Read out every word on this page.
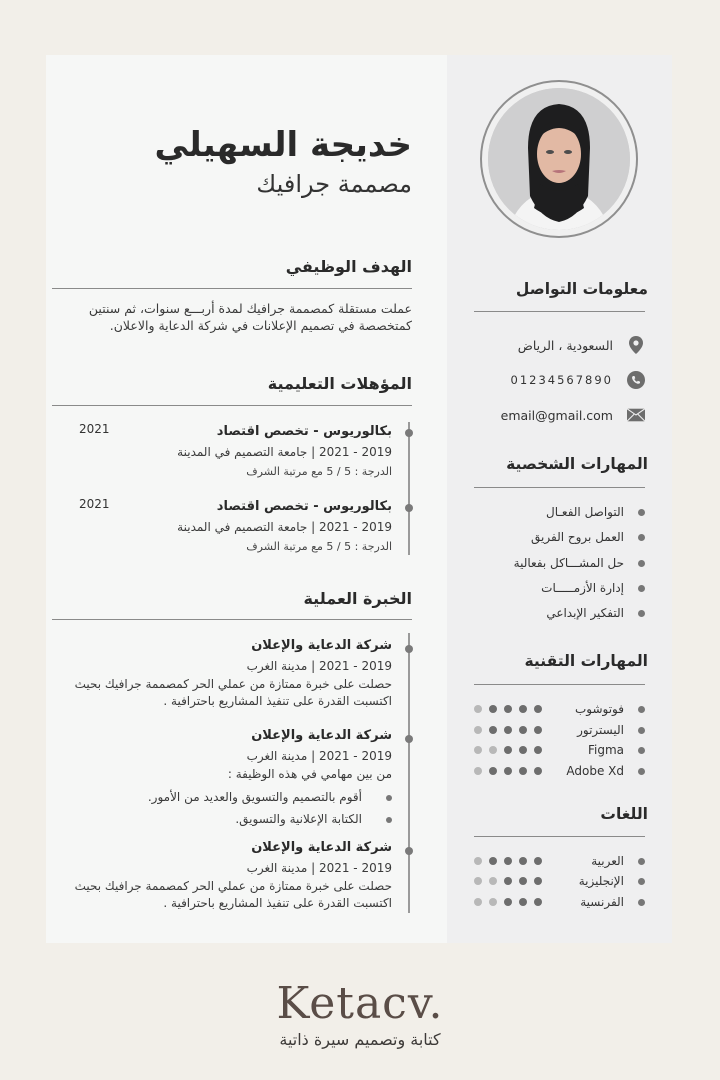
خديجة السهيلي
مصممة جرافيك
الهدف الوظيفي
عملت مستقلة كمصممة جرافيك لمدة أربـــع سنوات، ثم سنتين كمتخصصة في تصميم الإعلانات في شركة الدعاية والاعلان.
المؤهلات التعليمية
بكالوريوس - تخصص اقتصاد
2019 - 2021 | جامعة التصميم في المدينة
الدرجة : 5 / 5 مع مرتبة الشرف
2021
بكالوريوس - تخصص اقتصاد
2019 - 2021 | جامعة التصميم في المدينة
الدرجة : 5 / 5 مع مرتبة الشرف
2021
الخبرة العملية
شركة الدعاية والإعلان
2019 - 2021 | مدينة الغرب
حصلت على خبرة ممتازة من عملي الحر كمصممة جرافيك بحيث اكتسبت القدرة على تنفيذ المشاريع باحترافية .
شركة الدعاية والإعلان
2019 - 2021 | مدينة الغرب
من بين مهامي في هذه الوظيفة :
أقوم بالتصميم والتسويق والعديد من الأمور.
الكتابة الإعلانية والتسويق.
شركة الدعاية والإعلان
2019 - 2021 | مدينة الغرب
حصلت على خبرة ممتازة من عملي الحر كمصممة جرافيك بحيث اكتسبت القدرة على تنفيذ المشاريع باحترافية .
معلومات التواصل
السعودية ، الرياض
01234567890
email@gmail.com
المهارات الشخصية
التواصل الفعـال
العمل بروح الفريق
حل المشـــاكل بفعالية
إدارة الأزمـــــات
التفكير الإبداعي
المهارات التقنية
فوتوشوب
اليسترتور
Figma
Adobe Xd
اللغات
العربية
الإنجليزية
الفرنسية
Ketacv.
كتابة وتصميم سيرة ذاتية
